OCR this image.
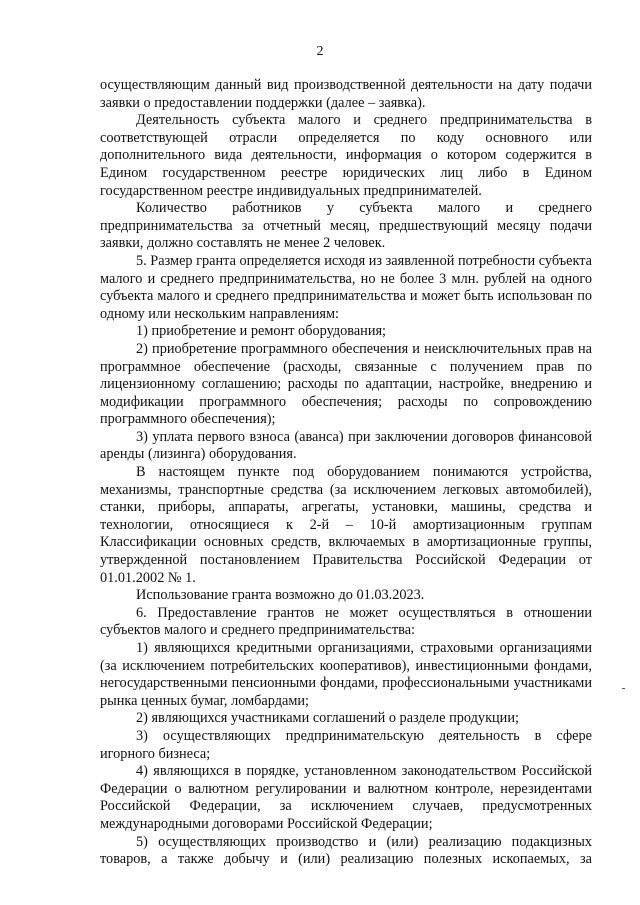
2

осуществляющим данный вид производственной деятельности на дату подачи заявки о предоставлении поддержки (далее – заявка).

Деятельность субъекта малого и среднего предпринимательства в соответствующей отрасли определяется по коду основного или дополнительного вида деятельности, информация о котором содержится в Едином государственном реестре юридических лиц либо в Едином государственном реестре индивидуальных предпринимателей.

Количество работников у субъекта малого и среднего предпринимательства за отчетный месяц, предшествующий месяцу подачи заявки, должно составлять не менее 2 человек.

5. Размер гранта определяется исходя из заявленной потребности субъекта малого и среднего предпринимательства, но не более 3 млн. рублей на одного субъекта малого и среднего предпринимательства и может быть использован по одному или нескольким направлениям:

1) приобретение и ремонт оборудования;

2) приобретение программного обеспечения и неисключительных прав на программное обеспечение (расходы, связанные с получением прав по лицензионному соглашению; расходы по адаптации, настройке, внедрению и модификации программного обеспечения; расходы по сопровождению программного обеспечения);

3) уплата первого взноса (аванса) при заключении договоров финансовой аренды (лизинга) оборудования.

В настоящем пункте под оборудованием понимаются устройства, механизмы, транспортные средства (за исключением легковых автомобилей), станки, приборы, аппараты, агрегаты, установки, машины, средства и технологии, относящиеся к 2-й – 10-й амортизационным группам Классификации основных средств, включаемых в амортизационные группы, утвержденной постановлением Правительства Российской Федерации от 01.01.2002 № 1.

Использование гранта возможно до 01.03.2023.

6. Предоставление грантов не может осуществляться в отношении субъектов малого и среднего предпринимательства:

1) являющихся кредитными организациями, страховыми организациями (за исключением потребительских кооперативов), инвестиционными фондами, негосударственными пенсионными фондами, профессиональными участниками рынка ценных бумаг, ломбардами;

2) являющихся участниками соглашений о разделе продукции;

3) осуществляющих предпринимательскую деятельность в сфере игорного бизнеса;

4) являющихся в порядке, установленном законодательством Российской Федерации о валютном регулировании и валютном контроле, нерезидентами Российской Федерации, за исключением случаев, предусмотренных международными договорами Российской Федерации;

5) осуществляющих производство и (или) реализацию подакцизных товаров, а также добычу и (или) реализацию полезных ископаемых, за
